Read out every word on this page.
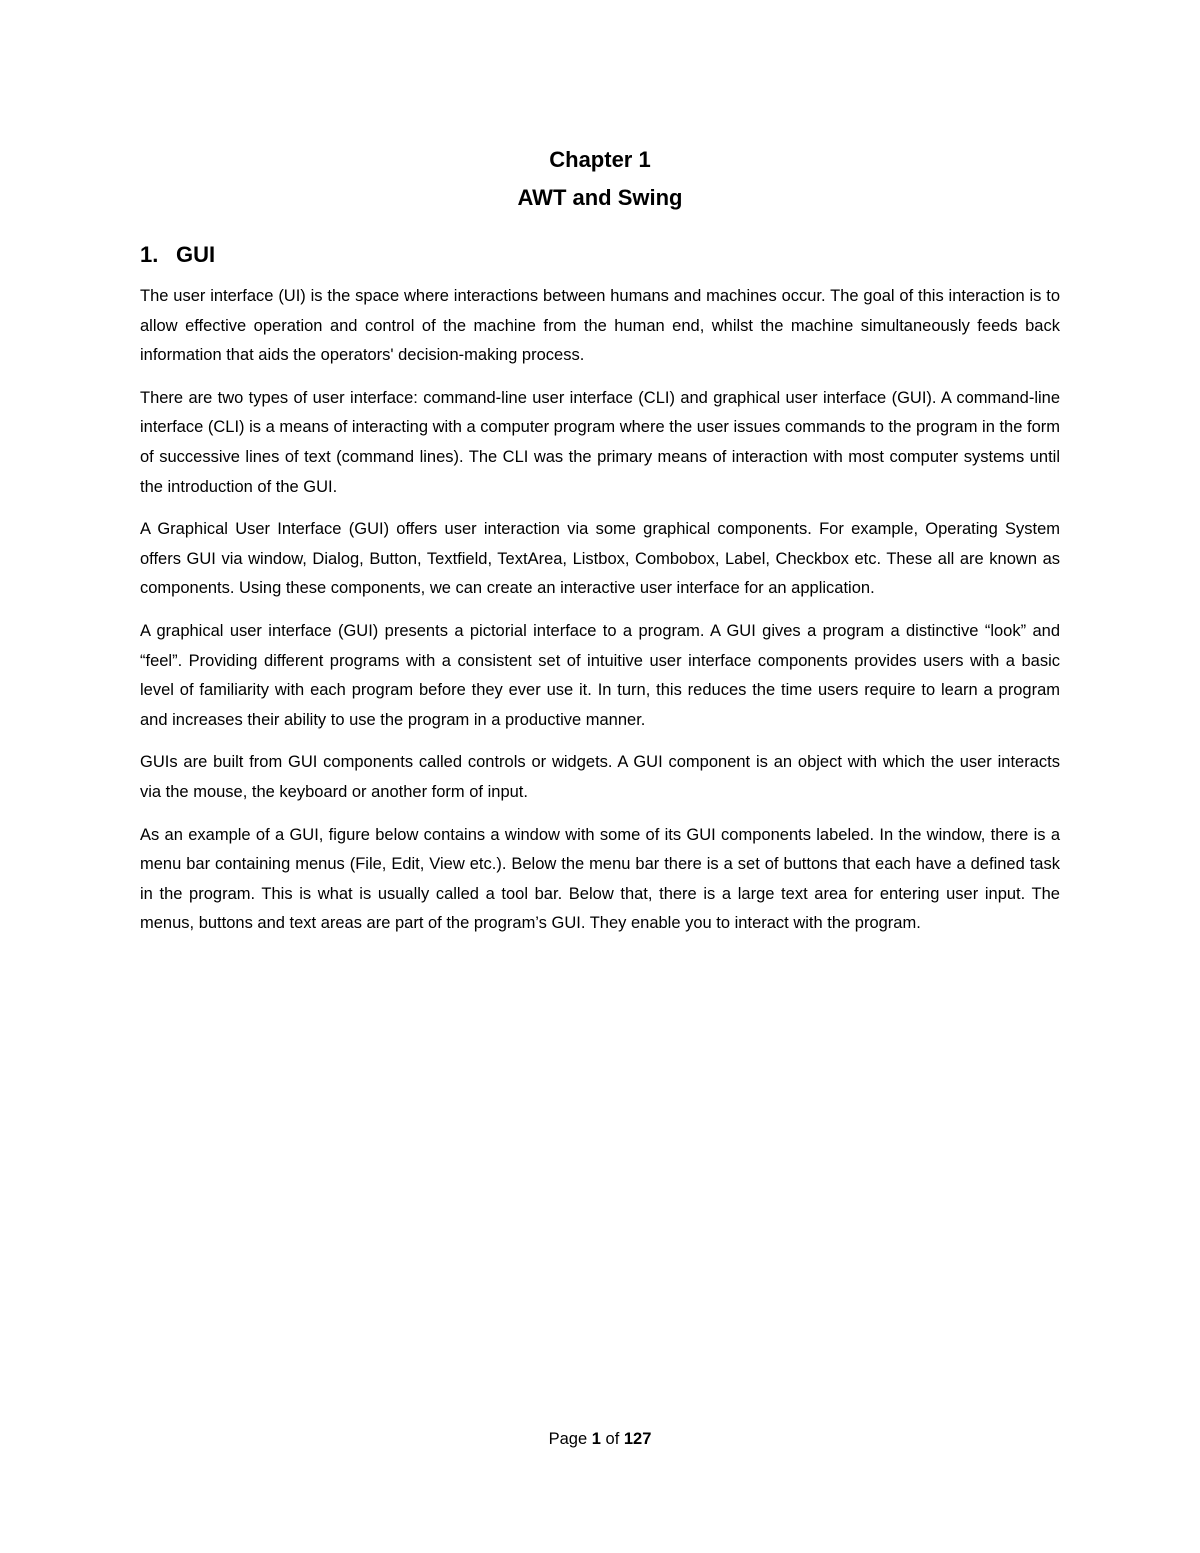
Chapter 1
AWT and Swing
1. GUI

The user interface (UI) is the space where interactions between humans and machines occur. The goal of this interaction is to allow effective operation and control of the machine from the human end, whilst the machine simultaneously feeds back information that aids the operators' decision-making process.

There are two types of user interface: command-line user interface (CLI) and graphical user interface (GUI). A command-line interface (CLI) is a means of interacting with a computer program where the user issues commands to the program in the form of successive lines of text (command lines). The CLI was the primary means of interaction with most computer systems until the introduction of the GUI.

A Graphical User Interface (GUI) offers user interaction via some graphical components. For example, Operating System offers GUI via window, Dialog, Button, Textfield, TextArea, Listbox, Combobox, Label, Checkbox etc. These all are known as components. Using these components, we can create an interactive user interface for an application.

A graphical user interface (GUI) presents a pictorial interface to a program. A GUI gives a program a distinctive “look” and “feel”. Providing different programs with a consistent set of intuitive user interface components provides users with a basic level of familiarity with each program before they ever use it. In turn, this reduces the time users require to learn a program and increases their ability to use the program in a productive manner.

GUIs are built from GUI components called controls or widgets. A GUI component is an object with which the user interacts via the mouse, the keyboard or another form of input.

As an example of a GUI, figure below contains a window with some of its GUI components labeled. In the window, there is a menu bar containing menus (File, Edit, View etc.). Below the menu bar there is a set of buttons that each have a defined task in the program. This is what is usually called a tool bar. Below that, there is a large text area for entering user input. The menus, buttons and text areas are part of the program’s GUI. They enable you to interact with the program.

Page 1 of 127
